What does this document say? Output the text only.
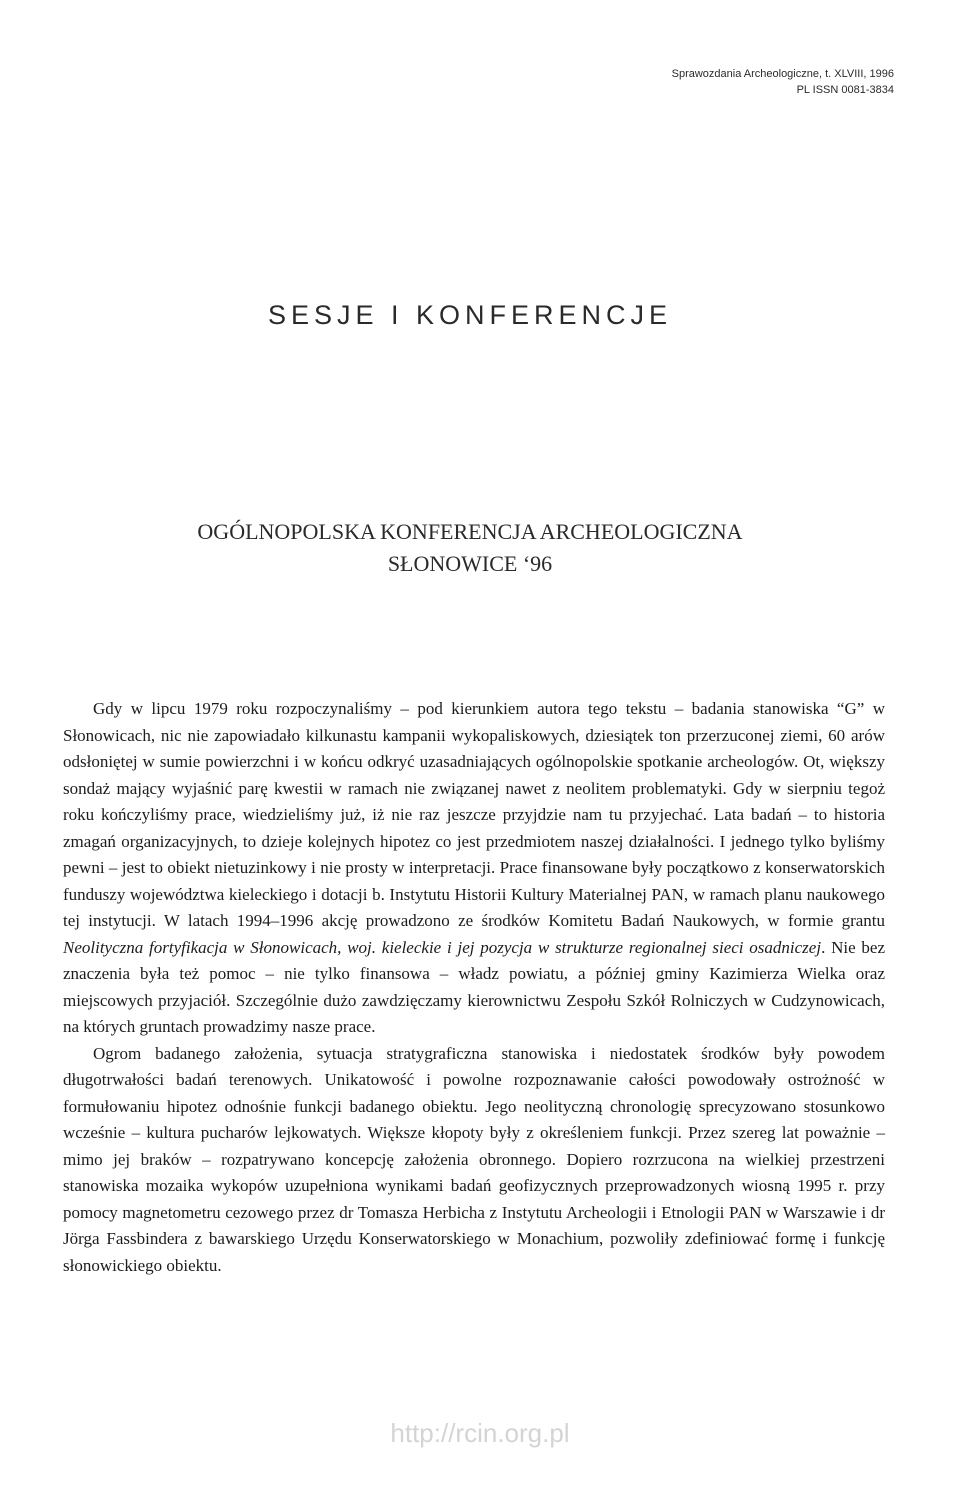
Sprawozdania Archeologiczne, t. XLVIII, 1996
PL ISSN 0081-3834
SESJE I KONFERENCJE
OGÓLNOPOLSKA KONFERENCJA ARCHEOLOGICZNA
SŁONOWICE ‘96

Gdy w lipcu 1979 roku rozpoczynaliśmy – pod kierunkiem autora tego tekstu – badania stanowiska “G” w Słonowicach, nic nie zapowiadało kilkunastu kampanii wykopaliskowych, dziesiątek ton przerzuconej ziemi, 60 arów odsłoniętej w sumie powierzchni i w końcu odkryć uzasadniających ogólnopolskie spotkanie archeologów. Ot, większy sondaż mający wyjaśnić parę kwestii w ramach nie związanej nawet z neolitem problematyki. Gdy w sierpniu tegoż roku kończyliśmy prace, wiedzieliśmy już, iż nie raz jeszcze przyjdzie nam tu przyjechać. Lata badań – to historia zmagań organizacyjnych, to dzieje kolejnych hipotez co jest przedmiotem naszej działalności. I jednego tylko byliśmy pewni – jest to obiekt nietuzinkowy i nie prosty w interpretacji. Prace finansowane były początkowo z konserwatorskich funduszy województwa kieleckiego i dotacji b. Instytutu Historii Kultury Materialnej PAN, w ramach planu naukowego tej instytucji. W latach 1994–1996 akcję prowadzono ze środków Komitetu Badań Naukowych, w formie grantu Neolityczna fortyfikacja w Słonowicach, woj. kieleckie i jej pozycja w strukturze regionalnej sieci osadniczej. Nie bez znaczenia była też pomoc – nie tylko finansowa – władz powiatu, a później gminy Kazimierza Wielka oraz miejscowych przyjaciół. Szczególnie dużo zawdzięczamy kierownictwu Zespołu Szkół Rolniczych w Cudzynowicach, na których gruntach prowadzimy nasze prace.

Ogrom badanego założenia, sytuacja stratygraficzna stanowiska i niedostatek środków były powodem długotrwałości badań terenowych. Unikatowość i powolne rozpoznawanie całości powodowały ostrożność w formułowaniu hipotez odnośnie funkcji badanego obiektu. Jego neolityczną chronologię sprecyzowano stosunkowo wcześnie – kultura pucharów lejkowatych. Większe kłopoty były z określeniem funkcji. Przez szereg lat poważnie – mimo jej braków – rozpatrywano koncepcję założenia obronnego. Dopiero rozrzucona na wielkiej przestrzeni stanowiska mozaika wykopów uzupełniona wynikami badań geofizycznych przeprowadzonych wiosną 1995 r. przy pomocy magnetometru cezowego przez dr Tomasza Herbicha z Instytutu Archeologii i Etnologii PAN w Warszawie i dr Jörga Fassbindera z bawarskiego Urzędu Konserwatorskiego w Monachium, pozwoliły zdefiniować formę i funkcję słonowickiego obiektu.

http://rcin.org.pl
